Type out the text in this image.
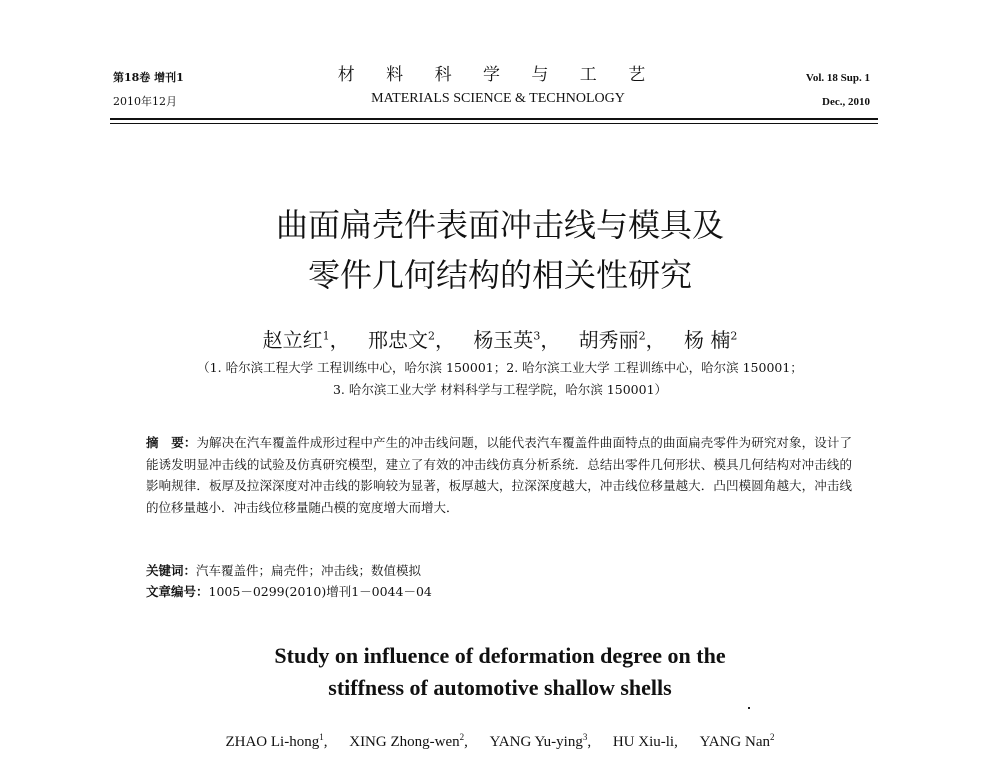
第18卷 增刊1
2010年12月
材 料 科 学 与 工 艺
MATERIALS SCIENCE & TECHNOLOGY
Vol. 18 Sup. 1
Dec., 2010
曲面扁壳件表面冲击线与模具及
零件几何结构的相关性研究
赵立红$^1$， 邢忠文$^2$， 杨玉英$^3$， 胡秀丽$^2$， 杨 楠$^2$
（1. 哈尔滨工程大学 工程训练中心，哈尔滨 150001；2. 哈尔滨工业大学 工程训练中心，哈尔滨 150001；
3. 哈尔滨工业大学 材料科学与工程学院，哈尔滨 150001）
摘　要：为解决在汽车覆盖件成形过程中产生的冲击线问题，以能代表汽车覆盖件曲面特点的曲面扁壳零件为研究对象，设计了能诱发明显冲击线的试验及仿真研究模型，建立了有效的冲击线仿真分析系统．总结出零件几何形状、模具几何结构对冲击线的影响规律．板厚及拉深深度对冲击线的影响较为显著，板厚越大，拉深深度越大，冲击线位移量越大．凸凹模圆角越大，冲击线的位移量越小．冲击线位移量随凸模的宽度增大而增大．
关键词：汽车覆盖件；扁壳件；冲击线；数值模拟
文章编号：1005－0299(2010)增刊1－0044－04
Study on influence of deformation degree on the
stiffness of automotive shallow shells
ZHAO Li-hong$^1$, XING Zhong-wen$^2$, YANG Yu-ying$^3$, HU Xiu-li, YANG Nan$^2$
